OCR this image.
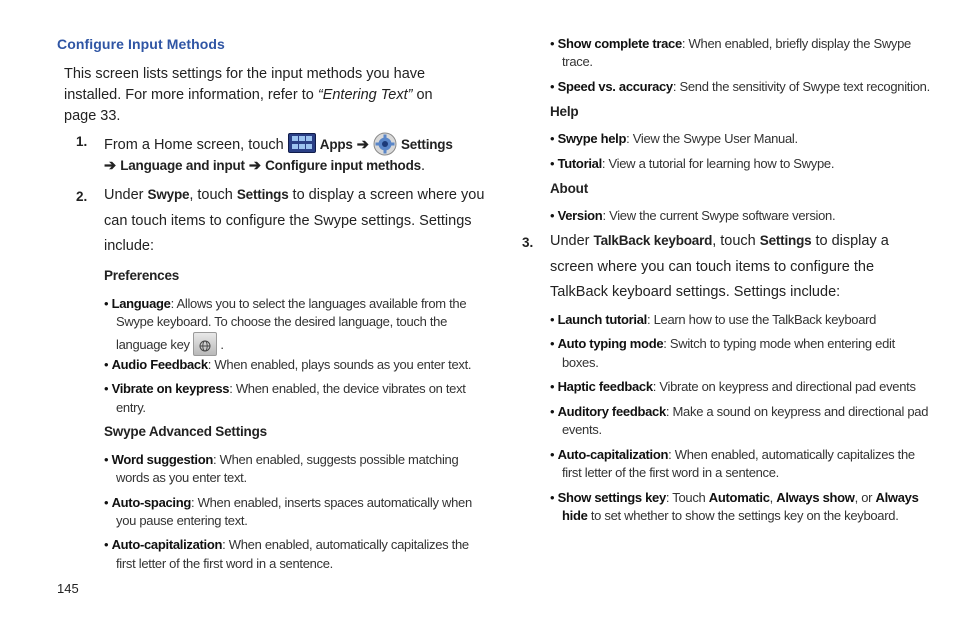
Configure Input Methods
This screen lists settings for the input methods you have
installed. For more information, refer to “Entering Text” on
page 33.
1. From a Home screen, touch	Apps ➔ Settings
➔ Language and input ➔ Configure input methods.
2. Under Swype, touch Settings to display a screen where you
can touch items to configure the Swype settings. Settings
include:
Preferences
• Language: Allows you to select the languages available from the
Swype keyboard. To choose the desired language, touch the
language key .
• Audio Feedback: When enabled, plays sounds as you enter text.
• Vibrate on keypress: When enabled, the device vibrates on text
entry.
Swype Advanced Settings
• Word suggestion: When enabled, suggests possible matching
words as you enter text.
• Auto-spacing: When enabled, inserts spaces automatically when
you pause entering text.
• Auto-capitalization: When enabled, automatically capitalizes the
first letter of the first word in a sentence.
145
• Show complete trace: When enabled, briefly display the Swype
trace.
• Speed vs. accuracy: Send the sensitivity of Swype text recognition.
Help
• Swype help: View the Swype User Manual.
• Tutorial: View a tutorial for learning how to Swype.
About
• Version: View the current Swype software version.
3. Under TalkBack keyboard, touch Settings to display a
screen where you can touch items to configure the
TalkBack keyboard settings. Settings include:
• Launch tutorial: Learn how to use the TalkBack keyboard
• Auto typing mode: Switch to typing mode when entering edit
boxes.
• Haptic feedback: Vibrate on keypress and directional pad events
• Auditory feedback: Make a sound on keypress and directional pad
events.
• Auto-capitalization: When enabled, automatically capitalizes the
first letter of the first word in a sentence.
• Show settings key: Touch Automatic, Always show, or Always
hide to set whether to show the settings key on the keyboard.
